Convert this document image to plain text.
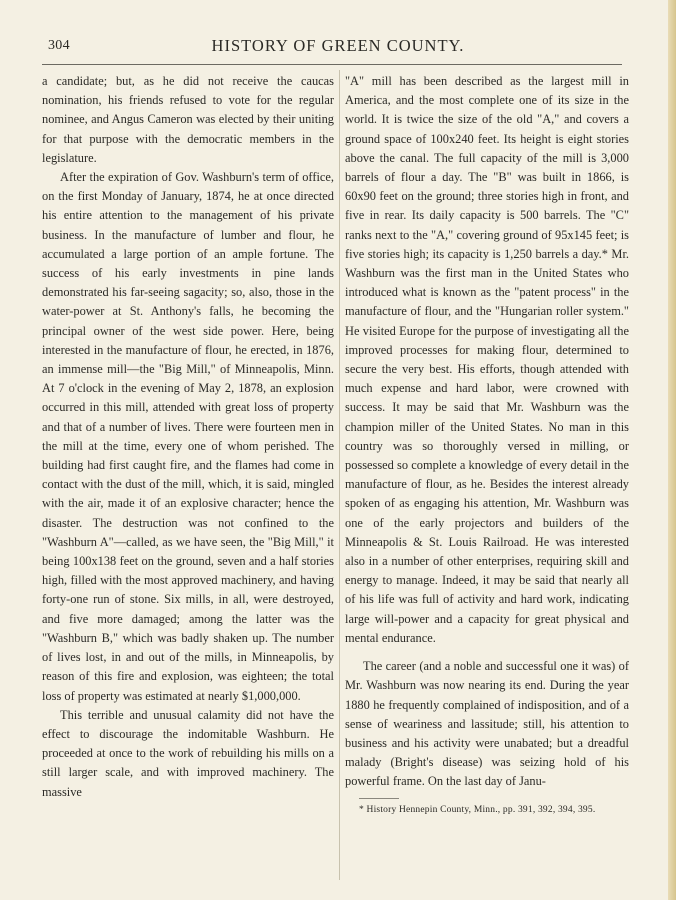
304	HISTORY OF GREEN COUNTY.

a candidate; but, as he did not receive the caucas nomination, his friends refused to vote for the regular nominee, and Angus Cameron was elected by their uniting for that purpose with the democratic members in the legislature.

After the expiration of Gov. Washburn's term of office, on the first Monday of January, 1874, he at once directed his entire attention to the management of his private business. In the manufacture of lumber and flour, he accumulated a large portion of an ample fortune. The success of his early investments in pine lands demonstrated his far-seeing sagacity; so, also, those in the water-power at St. Anthony's falls, he becoming the principal owner of the west side power. Here, being interested in the manufacture of flour, he erected, in 1876, an immense mill—the "Big Mill," of Minneapolis, Minn. At 7 o'clock in the evening of May 2, 1878, an explosion occurred in this mill, attended with great loss of property and that of a number of lives. There were fourteen men in the mill at the time, every one of whom perished. The building had first caught fire, and the flames had come in contact with the dust of the mill, which, it is said, mingled with the air, made it of an explosive character; hence the disaster. The destruction was not confined to the "Washburn A"—called, as we have seen, the "Big Mill," it being 100x138 feet on the ground, seven and a half stories high, filled with the most approved machinery, and having forty-one run of stone. Six mills, in all, were destroyed, and five more damaged; among the latter was the "Washburn B," which was badly shaken up. The number of lives lost, in and out of the mills, in Minneapolis, by reason of this fire and explosion, was eighteen; the total loss of property was estimated at nearly $1,000,000.

This terrible and unusual calamity did not have the effect to discourage the indomitable Washburn. He proceeded at once to the work of rebuilding his mills on a still larger scale, and with improved machinery. The massive

"A" mill has been described as the largest mill in America, and the most complete one of its size in the world. It is twice the size of the old "A," and covers a ground space of 100x240 feet. Its height is eight stories above the canal. The full capacity of the mill is 3,000 barrels of flour a day. The "B" was built in 1866, is 60x90 feet on the ground; three stories high in front, and five in rear. Its daily capacity is 500 barrels. The "C" ranks next to the "A," covering ground of 95x145 feet; is five stories high; its capacity is 1,250 barrels a day.* Mr. Washburn was the first man in the United States who introduced what is known as the "patent process" in the manufacture of flour, and the "Hungarian roller system." He visited Europe for the purpose of investigating all the improved processes for making flour, determined to secure the very best. His efforts, though attended with much expense and hard labor, were crowned with success. It may be said that Mr. Washburn was the champion miller of the United States. No man in this country was so thoroughly versed in milling, or possessed so complete a knowledge of every detail in the manufacture of flour, as he. Besides the interest already spoken of as engaging his attention, Mr. Washburn was one of the early projectors and builders of the Minneapolis & St. Louis Railroad. He was interested also in a number of other enterprises, requiring skill and energy to manage. Indeed, it may be said that nearly all of his life was full of activity and hard work, indicating large will-power and a capacity for great physical and mental endurance.

The career (and a noble and successful one it was) of Mr. Washburn was now nearing its end. During the year 1880 he frequently complained of indisposition, and of a sense of weariness and lassitude; still, his attention to business and his activity were unabated; but a dreadful malady (Bright's disease) was seizing hold of his powerful frame. On the last day of Janu-

* History Hennepin County, Minn., pp. 391, 392, 394, 395.
